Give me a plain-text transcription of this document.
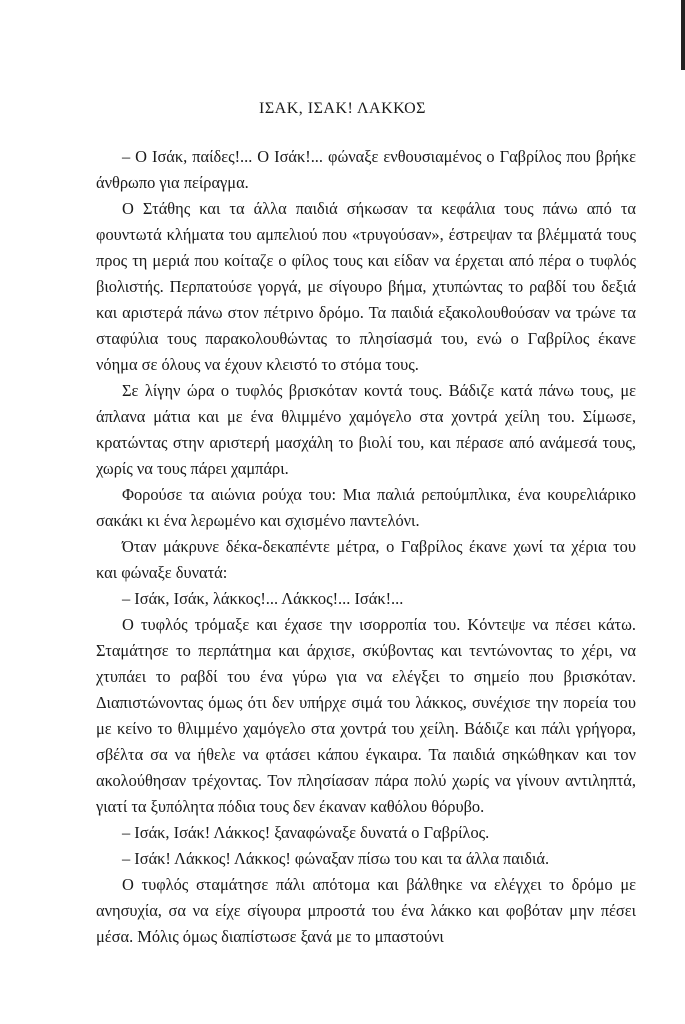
ΙΣΑΚ, ΙΣΑΚ! ΛΑΚΚΟΣ

– Ο Ισάκ, παίδες!... Ο Ισάκ!... φώναξε ενθουσιαμένος ο Γαβρίλος που βρήκε άνθρωπο για πείραγμα.

Ο Στάθης και τα άλλα παιδιά σήκωσαν τα κεφάλια τους πάνω από τα φουντωτά κλήματα του αμπελιού που «τρυγούσαν», έστρεψαν τα βλέμματά τους προς τη μεριά που κοίταζε ο φίλος τους και είδαν να έρχεται από πέρα ο τυφλός βιολιστής. Περπατούσε γοργά, με σίγουρο βήμα, χτυπώντας το ραβδί του δεξιά και αριστερά πάνω στον πέτρινο δρόμο. Τα παιδιά εξακολουθούσαν να τρώνε τα σταφύλια τους παρακολουθώντας το πλησίασμά του, ενώ ο Γαβρίλος έκανε νόημα σε όλους να έχουν κλειστό το στόμα τους.

Σε λίγην ώρα ο τυφλός βρισκόταν κοντά τους. Βάδιζε κατά πάνω τους, με άπλανα μάτια και με ένα θλιμμένο χαμόγελο στα χοντρά χείλη του. Σίμωσε, κρατώντας στην αριστερή μασχάλη το βιολί του, και πέρασε από ανάμεσά τους, χωρίς να τους πάρει χαμπάρι.

Φορούσε τα αιώνια ρούχα του: Μια παλιά ρεπούμπλικα, ένα κουρελιάρικο σακάκι κι ένα λερωμένο και σχισμένο παντελόνι.

Όταν μάκρυνε δέκα-δεκαπέντε μέτρα, ο Γαβρίλος έκανε χωνί τα χέρια του και φώναξε δυνατά:

– Ισάκ, Ισάκ, λάκκος!... Λάκκος!... Ισάκ!...

Ο τυφλός τρόμαξε και έχασε την ισορροπία του. Κόντεψε να πέσει κάτω. Σταμάτησε το περπάτημα και άρχισε, σκύβοντας και τεντώνοντας το χέρι, να χτυπάει το ραβδί του ένα γύρω για να ελέγξει το σημείο που βρισκόταν. Διαπιστώνοντας όμως ότι δεν υπήρχε σιμά του λάκκος, συνέχισε την πορεία του με κείνο το θλιμμένο χαμόγελο στα χοντρά του χείλη. Βάδιζε και πάλι γρήγορα, σβέλτα σα να ήθελε να φτάσει κάπου έγκαιρα. Τα παιδιά σηκώθηκαν και τον ακολούθησαν τρέχοντας. Τον πλησίασαν πάρα πολύ χωρίς να γίνουν αντιληπτά, γιατί τα ξυπόλητα πόδια τους δεν έκαναν καθόλου θόρυβο.

– Ισάκ, Ισάκ! Λάκκος! ξαναφώναξε δυνατά ο Γαβρίλος.

– Ισάκ! Λάκκος! Λάκκος! φώναξαν πίσω του και τα άλλα παιδιά.

Ο τυφλός σταμάτησε πάλι απότομα και βάλθηκε να ελέγχει το δρόμο με ανησυχία, σα να είχε σίγουρα μπροστά του ένα λάκκο και φοβόταν μην πέσει μέσα. Μόλις όμως διαπίστωσε ξανά με το μπαστούνι
